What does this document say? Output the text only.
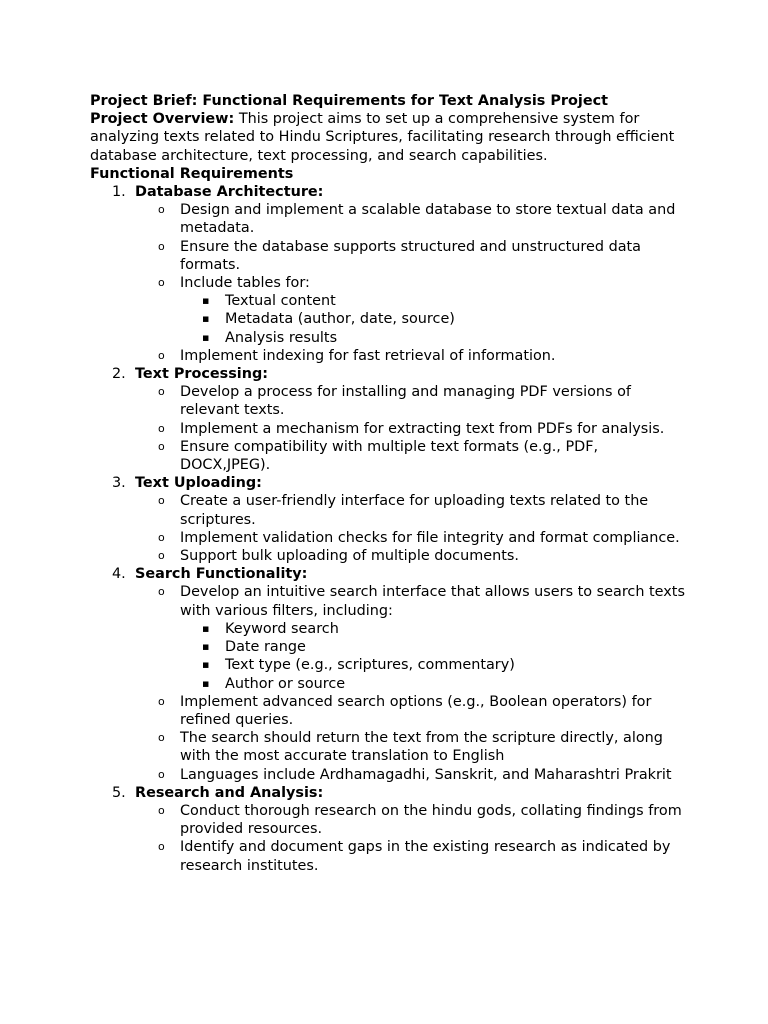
Project Brief: Functional Requirements for Text Analysis Project

Project Overview: This project aims to set up a comprehensive system for analyzing texts related to Hindu Scriptures, facilitating research through efficient database architecture, text processing, and search capabilities.

Functional Requirements

1. Database Architecture:
o Design and implement a scalable database to store textual data and metadata.
o Ensure the database supports structured and unstructured data formats.
o Include tables for:
▪ Textual content
▪ Metadata (author, date, source)
▪ Analysis results
o Implement indexing for fast retrieval of information.
2. Text Processing:
o Develop a process for installing and managing PDF versions of relevant texts.
o Implement a mechanism for extracting text from PDFs for analysis.
o Ensure compatibility with multiple text formats (e.g., PDF, DOCX,JPEG).
3. Text Uploading:
o Create a user-friendly interface for uploading texts related to the scriptures.
o Implement validation checks for file integrity and format compliance.
o Support bulk uploading of multiple documents.
4. Search Functionality:
o Develop an intuitive search interface that allows users to search texts with various filters, including:
▪ Keyword search
▪ Date range
▪ Text type (e.g., scriptures, commentary)
▪ Author or source
o Implement advanced search options (e.g., Boolean operators) for refined queries.
o The search should return the text from the scripture directly, along with the most accurate translation to English
o Languages include Ardhamagadhi, Sanskrit, and Maharashtri Prakrit
5. Research and Analysis:
o Conduct thorough research on the hindu gods, collating findings from provided resources.
o Identify and document gaps in the existing research as indicated by research institutes.
